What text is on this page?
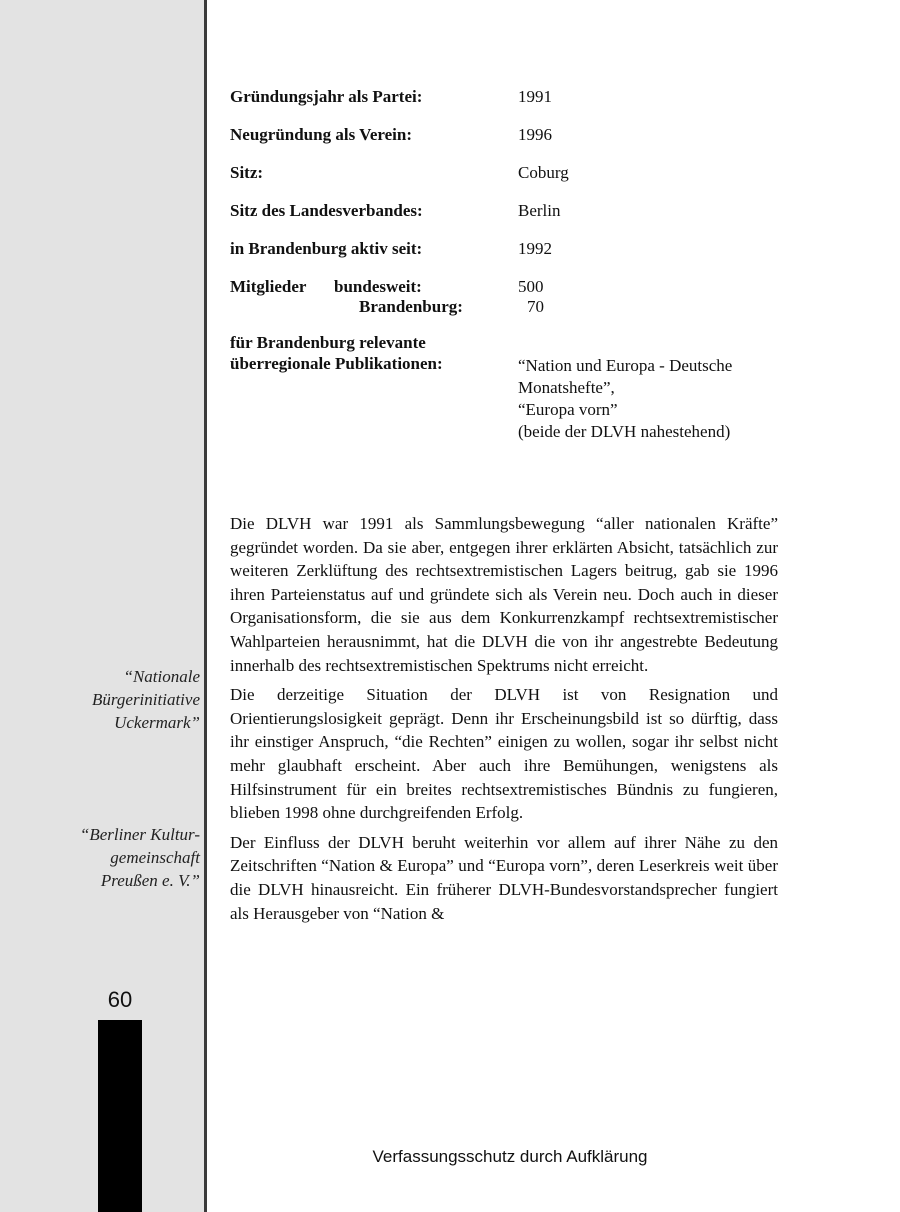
“Nationale
Bürgerinitiative
Uckermark”
“Berliner Kultur-
gemeinschaft
Preußen e. V.”
60
Gründungsjahr als Partei:	1991
Neugründung als Verein:	1996
Sitz:	Coburg
Sitz des Landesverbandes:	Berlin
in Brandenburg aktiv seit:	1992
Mitglieder bundesweit:	500
Brandenburg:	70
für Brandenburg relevante
überregionale Publikationen:	“Nation und Europa - Deutsche
Monatshefte”,
“Europa vorn”
(beide der DLVH nahestehend)

Die DLVH war 1991 als Sammlungsbewegung “aller nationalen Kräfte” gegründet worden. Da sie aber, entgegen ihrer erklärten Absicht, tatsächlich zur weiteren Zerklüftung des rechtsextremistischen Lagers beitrug, gab sie 1996 ihren Parteienstatus auf und gründete sich als Verein neu. Doch auch in dieser Organisationsform, die sie aus dem Konkurrenzkampf rechtsextremistischer Wahlparteien herausnimmt, hat die DLVH die von ihr angestrebte Bedeutung innerhalb des rechtsextremistischen Spektrums nicht erreicht.

Die derzeitige Situation der DLVH ist von Resignation und Orientierungslosigkeit geprägt. Denn ihr Erscheinungsbild ist so dürftig, dass ihr einstiger Anspruch, “die Rechten” einigen zu wollen, sogar ihr selbst nicht mehr glaubhaft erscheint. Aber auch ihre Bemühungen, wenigstens als Hilfsinstrument für ein breites rechtsextremistisches Bündnis zu fungieren, blieben 1998 ohne durchgreifenden Erfolg.

Der Einfluss der DLVH beruht weiterhin vor allem auf ihrer Nähe zu den Zeitschriften “Nation & Europa” und “Europa vorn”, deren Leserkreis weit über die DLVH hinausreicht. Ein früherer DLVH-Bundesvorstandsprecher fungiert als Herausgeber von “Nation &

Verfassungsschutz durch Aufklärung
